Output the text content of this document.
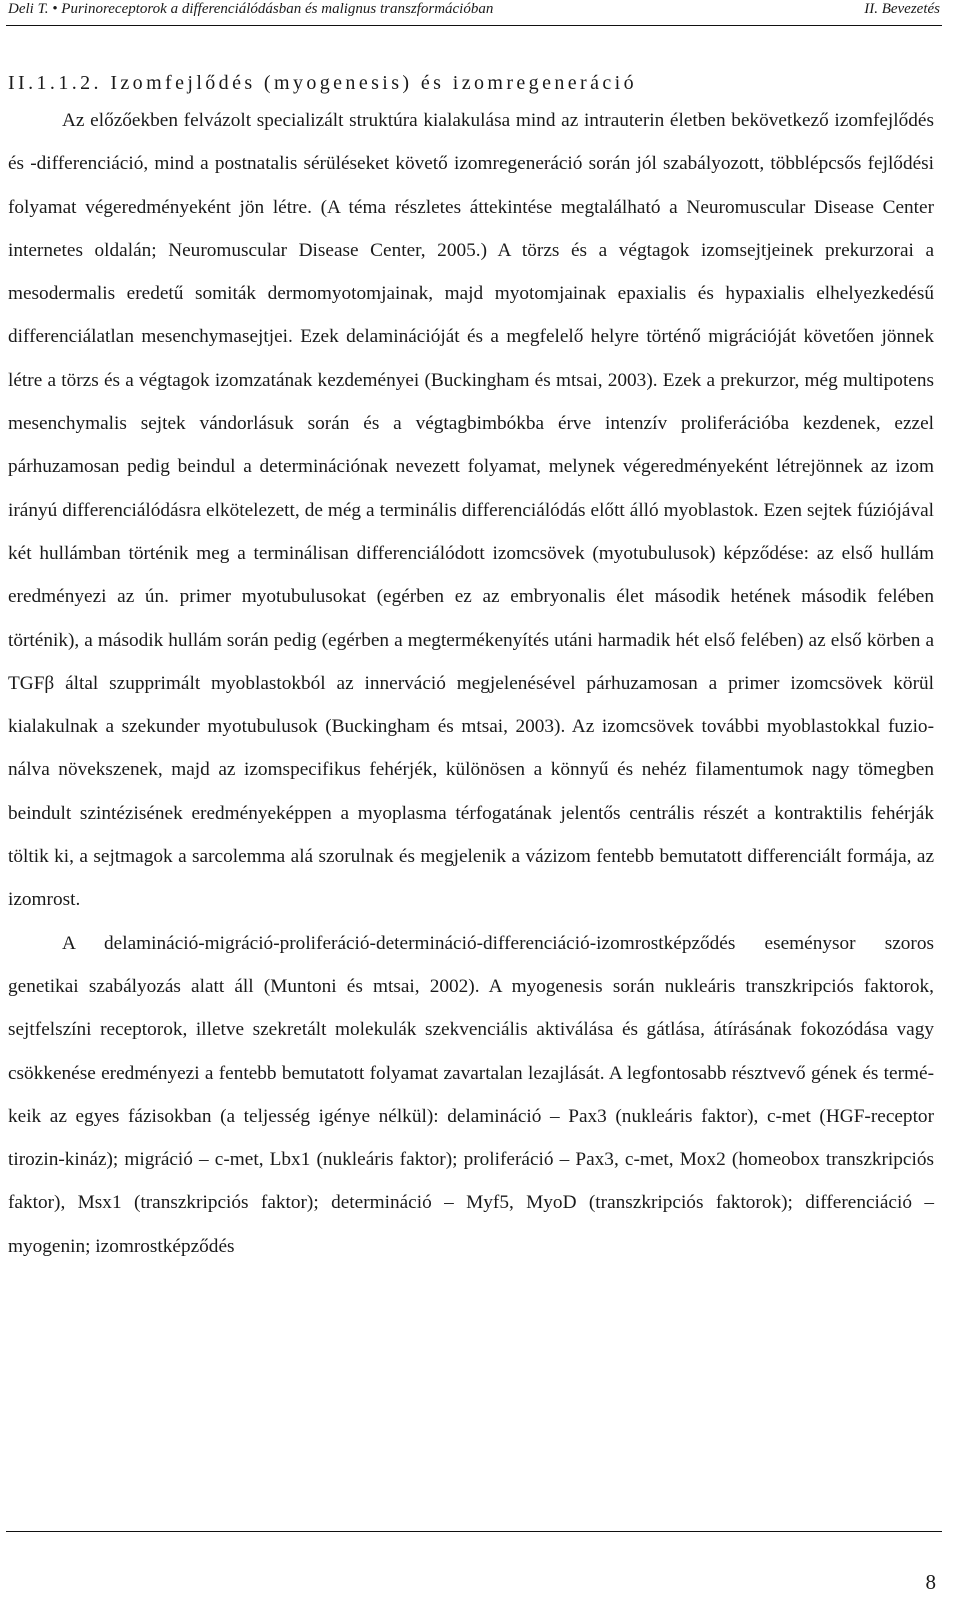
Deli T. • Purinoreceptorok a differenciálódásban és malignus transzformációban	II. Bevezetés
II.1.1.2. Izomfejlődés (myogenesis) és izomregeneráció

Az előzőekben felvázolt specializált struktúra kialakulása mind az intrauterin életben bekövetkező izomfejlődés és -differenciáció, mind a postnatalis sérüléseket követő izomregeneráció során jól szabályozott, többlépcsős fejlődési folyamat végeredményeként jön létre. (A téma részletes áttekintése megtalálható a Neuromuscular Disease Center internetes oldalán; Neuromuscular Disease Center, 2005.) A törzs és a végtagok izomsejtjeinek prekurzorai a mesodermalis eredetű somiták dermomyotomjainak, majd myotomjainak epaxialis és hypaxialis elhelyezkedésű differenciálatlan mesenchymasejtjei. Ezek delaminációját és a megfelelő helyre történő migrációját követően jönnek létre a törzs és a végtagok izomzatának kezdeményei (Buckingham és mtsai, 2003). Ezek a prekurzor, még multipotens mesenchymalis sejtek vándorlásuk során és a végtagbimbókba érve intenzív proliferációba kezdenek, ezzel párhuzamosan pedig beindul a determinációnak nevezett folyamat, melynek végeredményeként létrejönnek az izom irányú differenciálódásra elkötelezett, de még a terminális differenciálódás előtt álló myoblastok. Ezen sejtek fúziójával két hullámban történik meg a terminálisan differenciálódott izomcsövek (myotubulusok) képződése: az első hullám eredményezi az ún. primer myotubulusokat (egérben ez az embryonalis élet második hetének második felében történik), a második hullám során pedig (egérben a megtermékenyítés utáni harmadik hét első felében) az első körben a TGFβ által szupprimált myoblastokból az innerváció megjelenésével párhuzamosan a primer izomcsövek körül kialakulnak a szekunder myotubulusok (Buckingham és mtsai, 2003). Az izomcsövek további myoblastokkal fuzionálva növekszenek, majd az izomspecifikus fehérjék, különösen a könnyű és nehéz filamentumok nagy tömegben beindult szintézisének eredményeképpen a myoplasma térfogatának jelentős centrális részét a kontraktilis fehérják töltik ki, a sejtmagok a sarcolemma alá szorulnak és megjelenik a vázizom fentebb bemutatott differenciált formája, az izomrost.

A delamináció-migráció-proliferáció-determináció-differenciáció-izomrostképződés eseménysor szoros genetikai szabályozás alatt áll (Muntoni és mtsai, 2002). A myogenesis során nukleáris transzkripciós faktorok, sejtfelszíni receptorok, illetve szekretált molekulák szekvenciális aktiválása és gátlása, átírásának fokozódása vagy csökkenése eredményezi a fentebb bemutatott folyamat zavartalan lezajlását. A legfontosabb résztvevő gének és termékeik az egyes fázisokban (a teljesség igénye nélkül): delamináció – Pax3 (nukleáris faktor), c-met (HGF-receptor tirozin-kináz); migráció – c-met, Lbx1 (nukleáris faktor); proliferáció – Pax3, c-met, Mox2 (homeobox transzkripciós faktor), Msx1 (transzkripciós faktor); determináció – Myf5, MyoD (transzkripciós faktorok); differenciáció – myogenin; izomrostképződés

8
